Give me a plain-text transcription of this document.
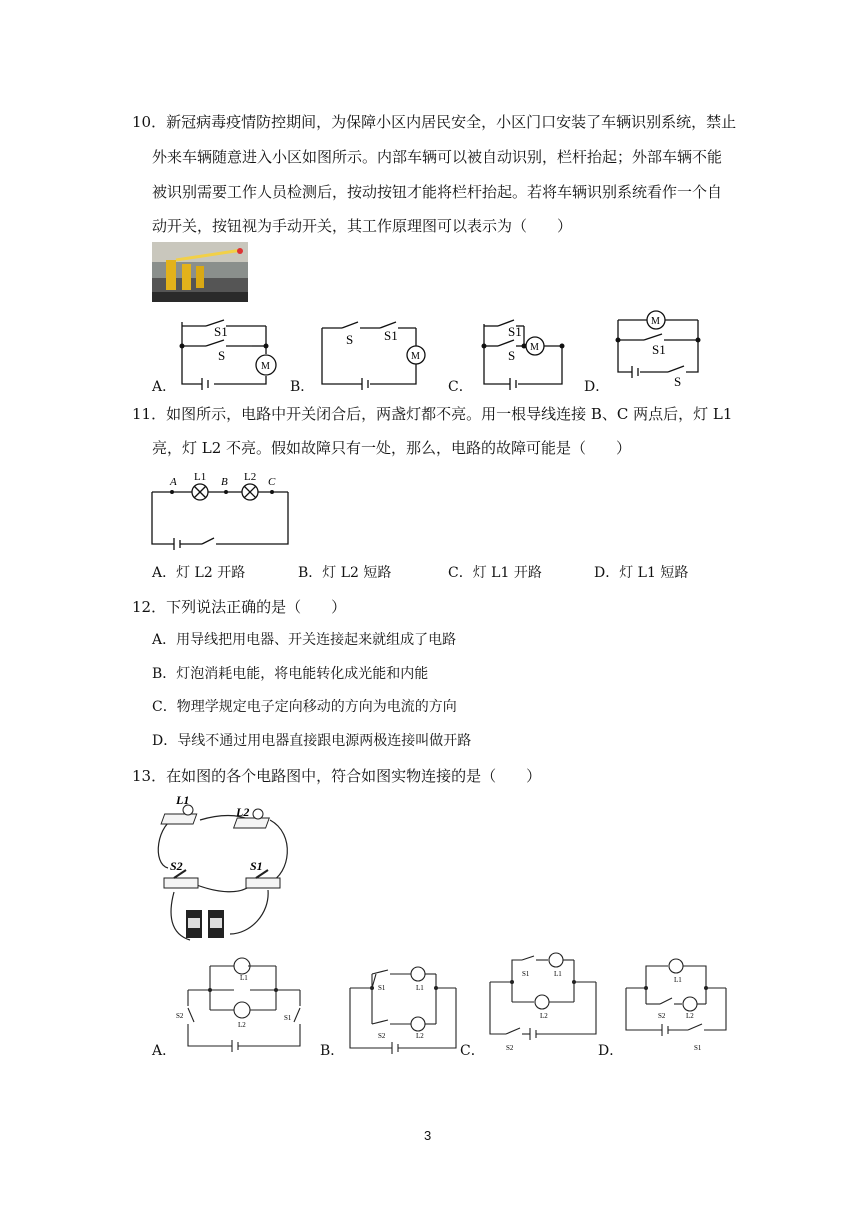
10．新冠病毒疫情防控期间，为保障小区内居民安全，小区门口安装了车辆识别系统，禁止
外来车辆随意进入小区如图所示。内部车辆可以被自动识别，栏杆抬起；外部车辆不能
被识别需要工作人员检测后，按动按钮才能将栏杆抬起。若将车辆识别系统看作一个自
动开关，按钮视为手动开关，其工作原理图可以表示为（　　）
A．
S1
S
M
B．
S S1
M
C．
S1
S
M
D．
M
S1
S
11．如图所示，电路中开关闭合后，两盏灯都不亮。用一根导线连接 B、C 两点后，灯 L1
亮，灯 L2 不亮。假如故障只有一处，那么，电路的故障可能是（　　）
A	B	C
L1	L2
A．灯 L2 开路	B．灯 L2 短路	C．灯 L1 开路	D．灯 L1 短路
12．下列说法正确的是（　　）
A．用导线把用电器、开关连接起来就组成了电路
B．灯泡消耗电能，将电能转化成光能和内能
C．物理学规定电子定向移动的方向为电流的方向
D．导线不通过用电器直接跟电源两极连接叫做开路
13．在如图的各个电路图中，符合如图实物连接的是（　　）
L1
L2
S2	S1
A．
L1
L2
S2	S1
B．
S1	L1
S2	L2
C．
S1	L1
L2
S2	D．
L1
S2	L2
S1
3
